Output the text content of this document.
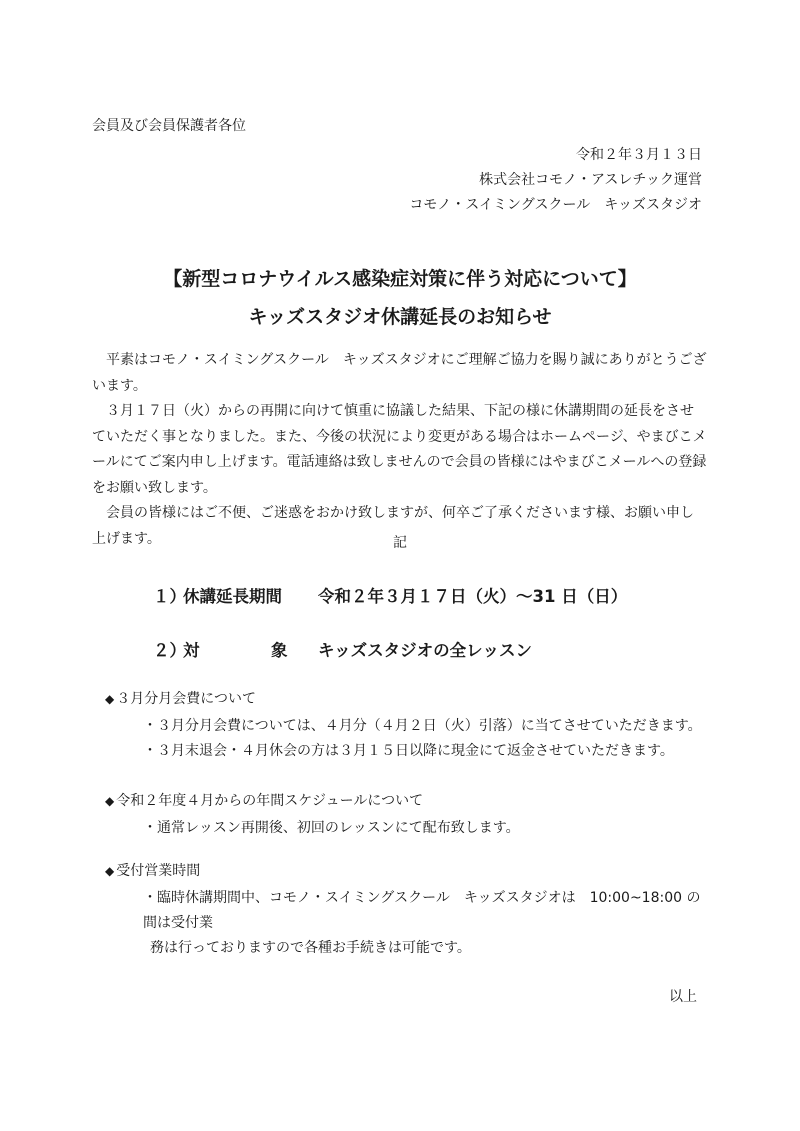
会員及び会員保護者各位
令和２年３月１３日
株式会社コモノ・アスレチック運営
コモノ・スイミングスクール　キッズスタジオ
【新型コロナウイルス感染症対策に伴う対応について】
キッズスタジオ休講延長のお知らせ

平素はコモノ・スイミングスクール　キッズスタジオにご理解ご協力を賜り誠にありがとうございます。

３月１７日（火）からの再開に向けて慎重に協議した結果、下記の様に休講期間の延長をさせていただく事となりました。また、今後の状況により変更がある場合はホームページ、やまびこメールにてご案内申し上げます。電話連絡は致しませんので会員の皆様にはやまびこメールへの登録をお願い致します。

会員の皆様にはご不便、ご迷惑をおかけ致しますが、何卒ご了承くださいます様、お願い申し上げます。	記
１）休講延長期間 令和２年３月１７日（火）～31 日（日）
２）対	象 キッズスタジオの全レッスン
◆ ３月分月会費について
・３月分月会費については、４月分（４月２日（火）引落）に当てさせていただきます。
・３月末退会・４月休会の方は３月１５日以降に現金にて返金させていただきます。
◆ 令和２年度４月からの年間スケジュールについて
・通常レッスン再開後、初回のレッスンにて配布致します。
◆ 受付営業時間
・臨時休講期間中、コモノ・スイミングスクール　キッズスタジオは　10:00~18:00 の間は受付業
務は行っておりますので各種お手続きは可能です。
以上
